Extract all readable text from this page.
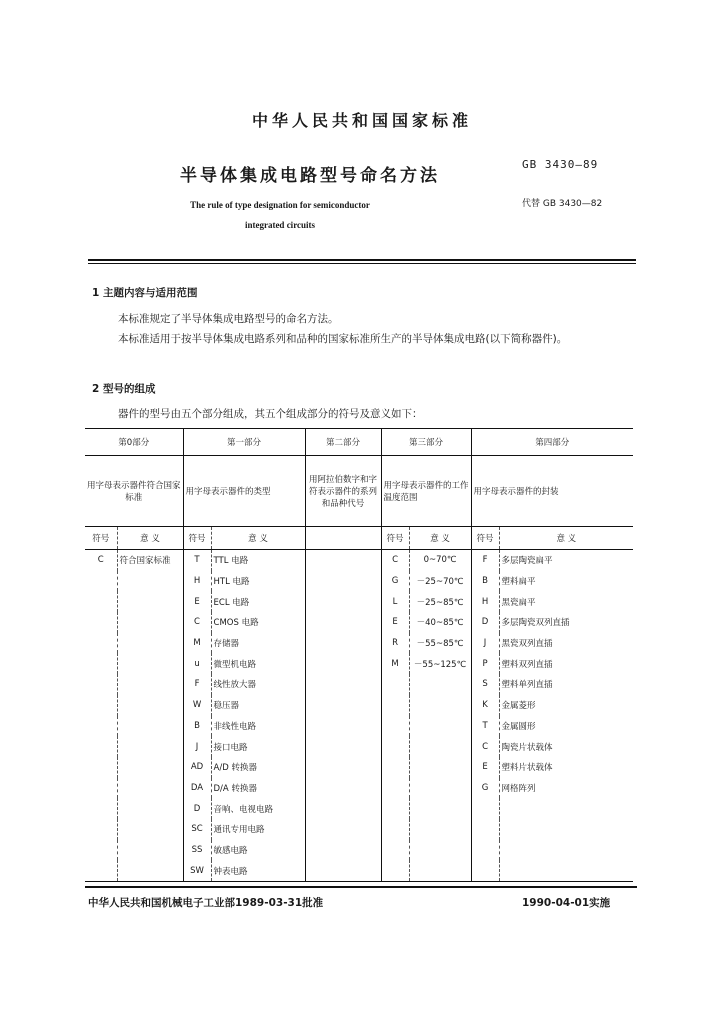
中华人民共和国国家标准
半导体集成电路型号命名方法
GB 3430—89
代替 GB 3430—82
The rule of type designation for semiconductor
integrated circuits
1 主题内容与适用范围
本标准规定了半导体集成电路型号的命名方法。
本标准适用于按半导体集成电路系列和品种的国家标准所生产的半导体集成电路(以下简称器件)。
2 型号的组成
器件的型号由五个部分组成，其五个组成部分的符号及意义如下：
第0部分		第一部分		第二部分	第三部分		第四部分	
用字母表示器件符合国家标准		用字母表示器件的类型		用阿拉伯数字和字符表示器件的系列和品种代号	用字母表示器件的工作温度范围		用字母表示器件的封装	
符号	意 义	符号	意 义		符号	意 义	符号	意 义
C	符合国家标准	T	TTL 电路		C	0~70℃	F	多层陶瓷扁平
		H	HTL 电路		G	－25~70℃	B	塑料扁平
		E	ECL 电路		L	－25~85℃	H	黑瓷扁平
		C	CMOS 电路		E	－40~85℃	D	多层陶瓷双列直插
		M	存储器		R	－55~85℃	J	黑瓷双列直插
		u	微型机电路		M	－55~125℃	P	塑料双列直插
		F	线性放大器				S	塑料单列直插
		W	稳压器				K	金属菱形
		B	非线性电路				T	金属圆形
		J	接口电路				C	陶瓷片状载体
		AD	A/D 转换器				E	塑料片状载体
		DA	D/A 转换器				G	网格阵列
		D	音响、电视电路					
		SC	通讯专用电路					
		SS	敏感电路					
		SW	钟表电路					
中华人民共和国机械电子工业部1989-03-31批准	1990-04-01实施
